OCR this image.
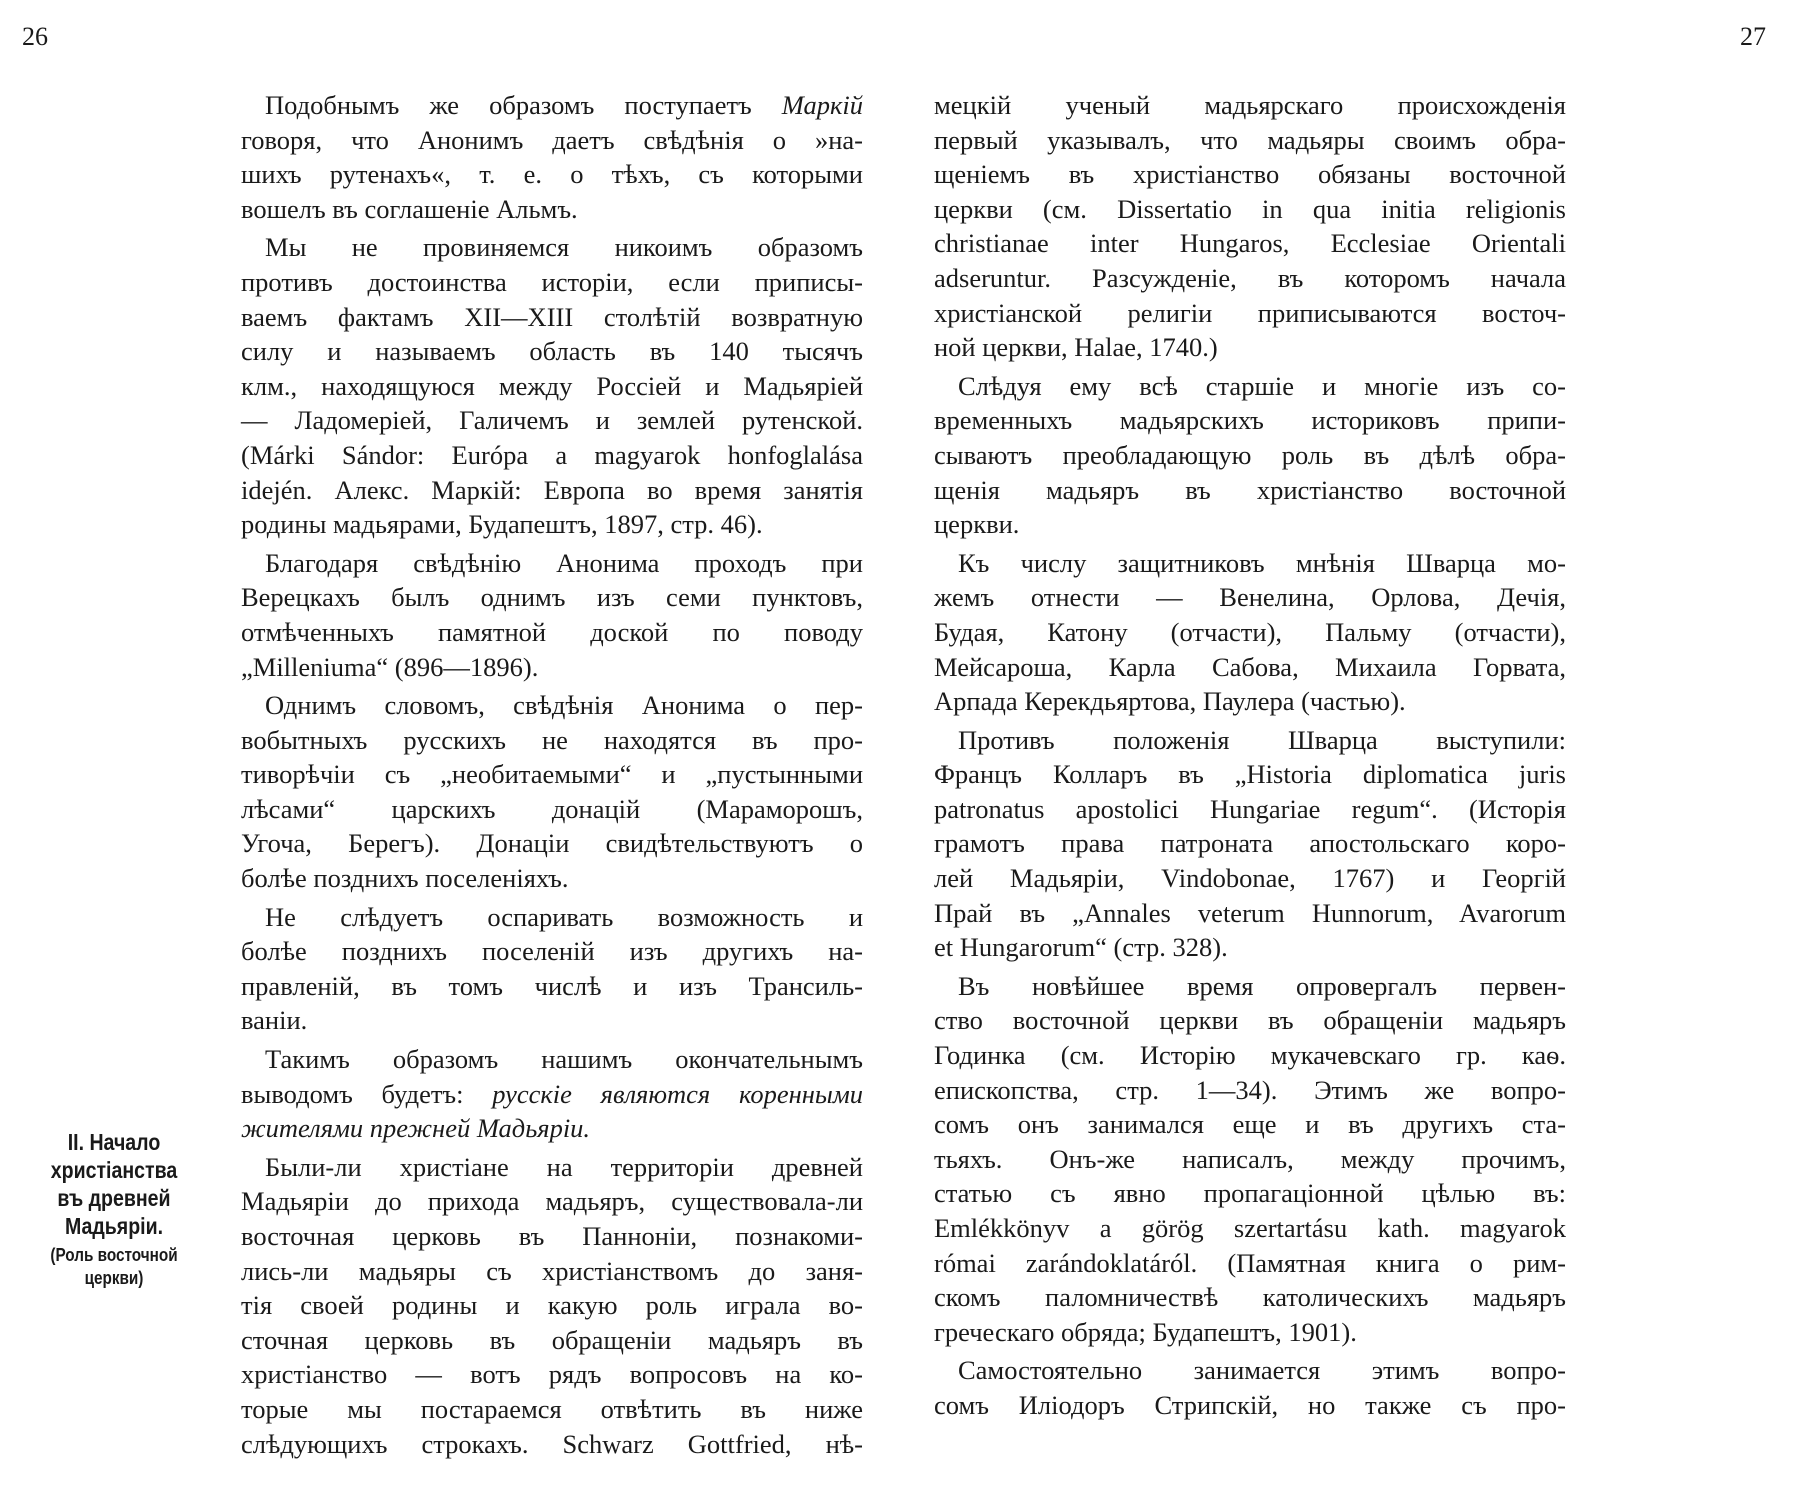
26	27
II. Начало
христіанства
въ древней
Мадьяріи.
(Роль восточной
церкви)
Подобнымъ же образомъ поступаетъ Маркій
говоря, что Анонимъ даетъ свѣдѣнія о »на-
шихъ рутенахъ«, т. е. о тѣхъ, съ которыми
вошелъ въ соглашеніе Альмъ.
Мы не провиняемся никоимъ образомъ
противъ достоинства исторіи, если приписы-
ваемъ фактамъ XII—XIII столѣтій возвратную
силу и называемъ область въ 140 тысячъ
клм., находящуюся между Россіей и Мадьяріей
— Ладомеріей, Галичемъ и землей рутенской.
(Márki Sándor: Európa a magyarok honfoglalása
idején. Алекс. Маркій: Европа во время занятія
родины мадьярами, Будапештъ, 1897, стр. 46).
Благодаря свѣдѣнію Анонима проходъ при
Верецкахъ былъ однимъ изъ семи пунктовъ,
отмѣченныхъ памятной доской по поводу
„Milleniuma“ (896—1896).
Однимъ словомъ, свѣдѣнія Анонима о пер-
вобытныхъ русскихъ не находятся въ про-
тиворѣчіи съ „необитаемыми“ и „пустынными
лѣсами“ царскихъ донацій (Мараморошъ,
Угоча, Берегъ). Донаціи свидѣтельствуютъ о
болѣе позднихъ поселеніяхъ.
Не слѣдуетъ оспаривать возможность и
болѣе позднихъ поселеній изъ другихъ на-
правленій, въ томъ числѣ и изъ Трансиль-
ваніи.
Такимъ образомъ нашимъ окончательнымъ
выводомъ будетъ: русскіе являются коренными
жителями прежней Мадьяріи.
Были-ли христіане на территоріи древней
Мадьяріи до прихода мадьяръ, существовала-ли
восточная церковь въ Панноніи, познакоми-
лись-ли мадьяры съ христіанствомъ до заня-
тія своей родины и какую роль играла во-
сточная церковь въ обращеніи мадьяръ въ
христіанство — вотъ рядъ вопросовъ на ко-
торые мы постараемся отвѣтить въ ниже
слѣдующихъ строкахъ. Schwarz Gottfried, нѣ-
мецкій ученый мадьярскаго происхожденія
первый указывалъ, что мадьяры своимъ обра-
щеніемъ въ христіанство обязаны восточной
церкви (см. Dissertatio in qua initia religionis
christianae inter Hungaros, Ecclesiae Orientali
adseruntur. Разсужденіе, въ которомъ начала
христіанской религіи приписываются восточ-
ной церкви, Halae, 1740.)
Слѣдуя ему всѣ старшіе и многіе изъ со-
временныхъ мадьярскихъ историковъ припи-
сываютъ преобладающую роль въ дѣлѣ обра-
щенія мадьяръ въ христіанство восточной
церкви.
Къ числу защитниковъ мнѣнія Шварца мо-
жемъ отнести — Венелина, Орлова, Дечія,
Будая, Катону (отчасти), Пальму (отчасти),
Мейсароша, Карла Сабова, Михаила Горвата,
Арпада Керекдьяртова, Паулера (частью).
Противъ положенія Шварца выступили:
Францъ Колларъ въ „Historia diplomatica juris
patronatus apostolici Hungariae regum“. (Исторія
грамотъ права патроната апостольскаго коро-
лей Мадьяріи, Vindobonae, 1767) и Георгій
Прай въ „Annales veterum Hunnorum, Avarorum
et Hungarorum“ (стр. 328).
Въ новѣйшее время опровергалъ первен-
ство восточной церкви въ обращеніи мадьяръ
Годинка (см. Исторію мукачевскаго гр. каѳ.
епископства, стр. 1—34). Этимъ же вопро-
сомъ онъ занимался еще и въ другихъ ста-
тьяхъ. Онъ-же написалъ, между прочимъ,
статью съ явно пропагаціонной цѣлью въ:
Emlékkönyv a görög szertartásu kath. magyarok
római zarándoklatáról. (Памятная книга о рим-
скомъ паломничествѣ католическихъ мадьяръ
греческаго обряда; Будапештъ, 1901).
Самостоятельно занимается этимъ вопро-
сомъ Иліодоръ Стрипскій, но также съ про-
